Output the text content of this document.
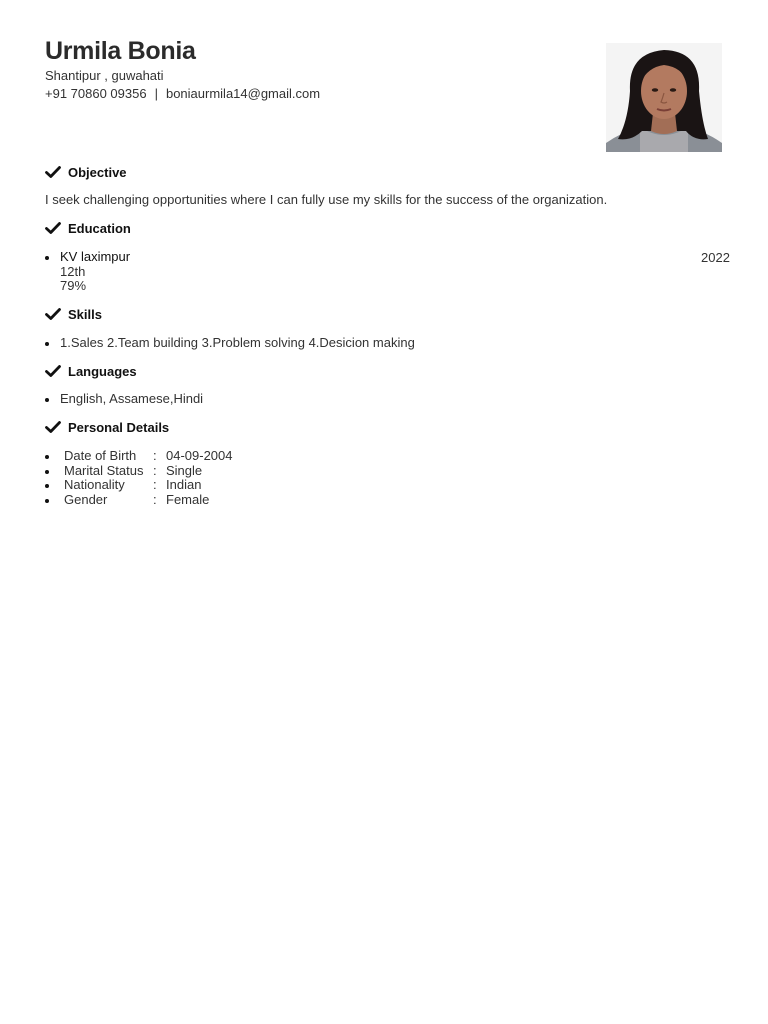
Urmila Bonia
Shantipur , guwahati
+91 70860 09356 | boniaurmila14@gmail.com
Objective
I seek challenging opportunities where I can fully use my skills for the success of the organization.
Education
KV laximpur
12th
79%
2022
Skills
1.Sales 2.Team building 3.Problem solving 4.Desicion making
Languages
English, Assamese,Hindi
Personal Details
Date of Birth	: 04-09-2004
Marital Status : Single
Nationality	: Indian
Gender	: Female
